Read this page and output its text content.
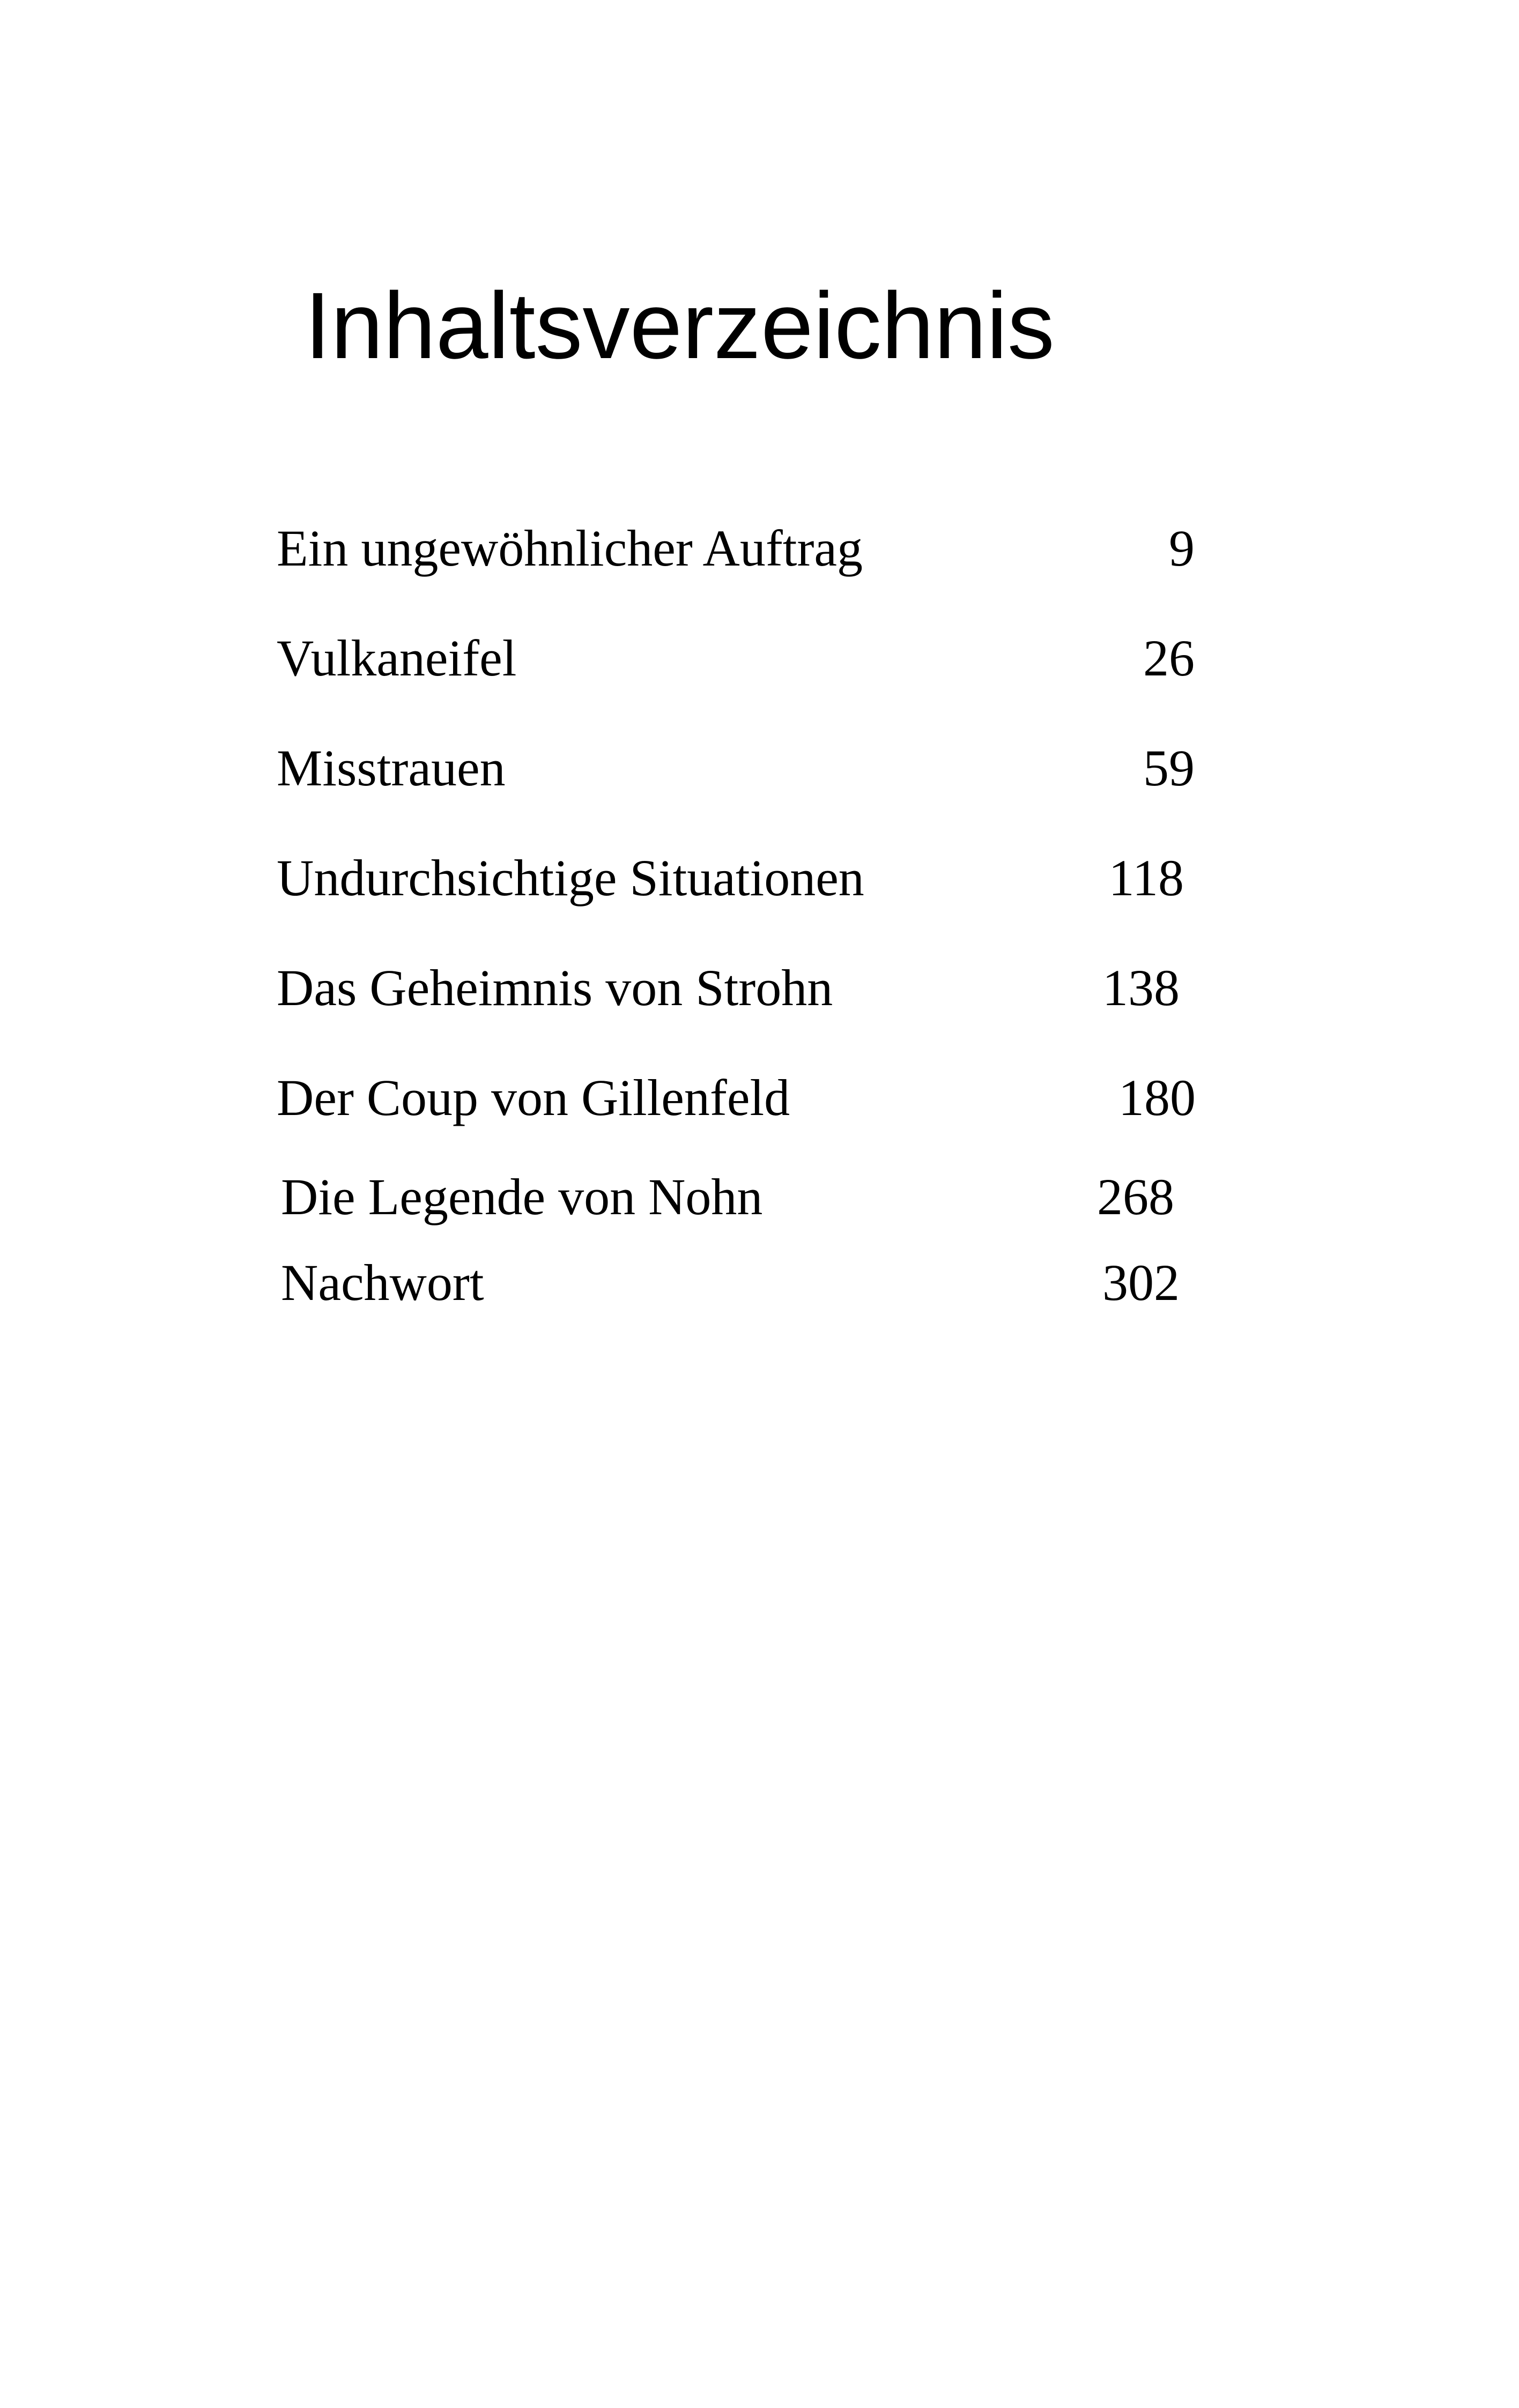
Inhaltsverzeichnis
Ein ungewöhnlicher Auftrag	9
Vulkaneifel	26
Misstrauen	59
Undurchsichtige Situationen	118
Das Geheimnis von Strohn	138
Der Coup von Gillenfeld	180
Die Legende von Nohn	268
Nachwort	302
